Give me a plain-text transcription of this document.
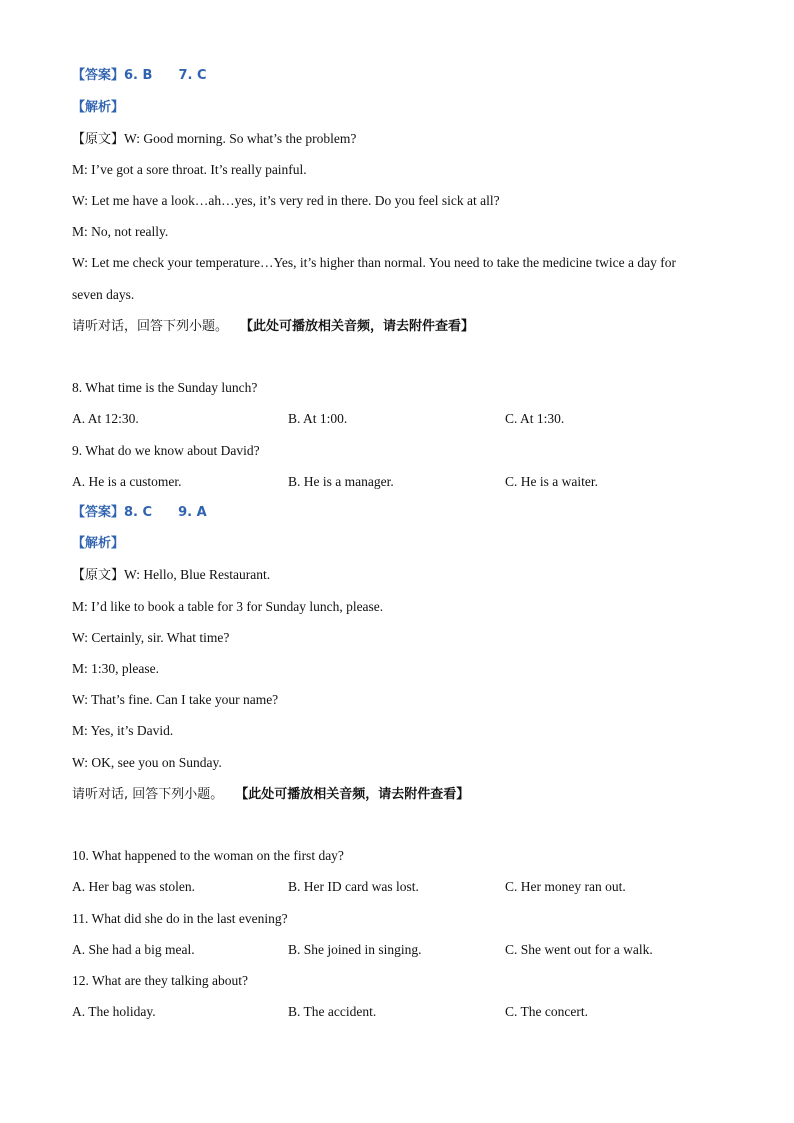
【答案】6. B 7. C
【解析】
【原文】W: Good morning. So what’s the problem?
M: I’ve got a sore throat. It’s really painful.
W: Let me have a look…ah…yes, it’s very red in there. Do you feel sick at all?
M: No, not really.
W: Let me check your temperature…Yes, it’s higher than normal. You need to take the medicine twice a day for
seven days.
请听对话，回答下列小题。 【此处可播放相关音频，请去附件查看】
8. What time is the Sunday lunch?
A. At 12:30.	B. At 1:00.	C. At 1:30.
9. What do we know about David?
A. He is a customer.	B. He is a manager.	C. He is a waiter.
【答案】8. C 9. A
【解析】
【原文】W: Hello, Blue Restaurant.
M: I’d like to book a table for 3 for Sunday lunch, please.
W: Certainly, sir. What time?
M: 1:30, please.
W: That’s fine. Can I take your name?
M: Yes, it’s David.
W: OK, see you on Sunday.
请听对话, 回答下列小题。 【此处可播放相关音频，请去附件查看】
10. What happened to the woman on the first day?
A. Her bag was stolen.	B. Her ID card was lost.	C. Her money ran out.
11. What did she do in the last evening?
A. She had a big meal.	B. She joined in singing.	C. She went out for a walk.
12. What are they talking about?
A. The holiday.	B. The accident.	C. The concert.
